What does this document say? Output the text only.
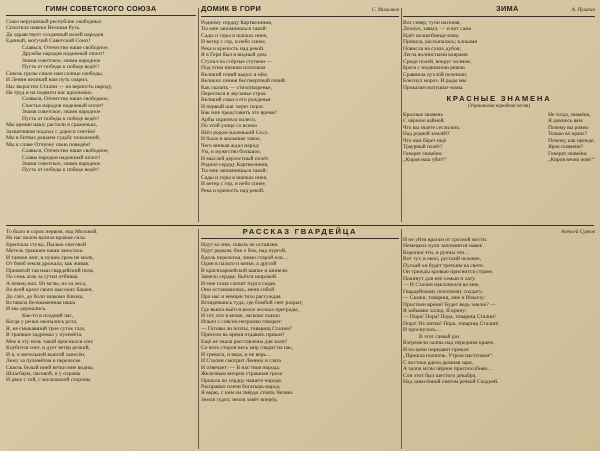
ГИМН СОВЕТСКОГО СОЮЗА
Союз нерушимый республик свободных
Сплотила навеки Великая Русь.
Да здравствует созданный волей народов
Единый, могучий Советский Союз!
Славься, Отечество наше свободное,
Дружбы народов надежный оплот!
Знамя советское, знамя народное
Пусть от победы к победе ведёт!
Сквозь грозы сияло нам солнце свободы,
И Ленин великий нам путь озарил.
Нас вырастил Сталин — на верность народу,
На труд и на подвиги нас вдохновил.
Славься, Отечество наше свободное,
Счастья народов надежный оплот!
Знамя советское, знамя народное
Пусть от победы к победе ведёт!
Мы армию нашу растили в сраженьях,
Захватчиков подлых с дороги сметём!
Мы в битвах решаем судьбу поколений,
Мы к славе Отчизну свою поведём!
Славься, Отечество наше свободное,
Славы народов надежный оплот!
Знамя советское, знамя народное
Пусть от победы к победе ведёт!
ДОМИК В ГОРИ	С. Михалков
Родному сердцу Картвелиния,
Ты мне запомнишься такой:
Сады и горы в шапках инея,
И ветер с гор, и небо синее,
Река и крепость над рекой.
Я в Гори был в видный дом.
Ступал на стёртые ступени —
Под этим низким потолком
Великий гений вырос в нём.
Великих помня бессмертный гений.
Как сказать — стихотворенье,
Пересекся в звучанье строк
Великий смысл его рожденья
И первый шаг через порог.
Как мне представить это время?
Арбы скрипело колесо,
По этой улице со всеми
Шёл родом маленький Сосо.
И было в мальчике такое,
Чего вникая ждал народ:
Ум, и мужество большое,
И мыслей дерзостный полёт.
Родное сердцу Картвелиния,
Ты мне запомнишься такой:
Сады и горы в шапках инея,
И ветер с гор, и небо синее,
Река и крепость над рекой.
ЗИМА	А. Пушкин
Вот север, тучи нагоняя,
Дохнул, завыл, — и вот сама
Идёт волшебница-зима.
Пришла, рассыпалась; клоками
Повисла на суках дубов;
Легла волнистыми коврами
Среди полей, вокруг холмов;
Брега с недвижною рекою
Сравняла пухлой пеленою;
Блеснул мороз. И рады мы
Проказам матушки-зимы.
КРАСНЫЕ ЗНАМЕНА
(Украинская народная песня)
Красные знамена
С чёрною каймой.
Что вы знаете сеслились
Над родной землёй?
Что нам бёрет ищё
Траурный полёт?
Говорят знамёна:
„Киров наш убит!“
Не тогда, знамёна,
Я давлюсь вам:
Почему вы ровно
Только во краях?
Почему, как прежде,
Ярок пламени?
Говорят знамёна:
„Киров вечно жив!“
То было в сорок первом, под Москвой.
На нас валом валила вражья сила.
Крепчала стужа, Пылью снеговой
Метель траншеи наши заносила.
И танков лязг, и пушек гром не молк,
От бомб земля дрожала, как живая.
Примятой тая наш гвардейский полк,
По семь атак за сутки отбивая.
А немец жал. Из мглы, из-за леса,
Во всей красе своих высоких башен,
До слёз, до боли знакомо близка,
Вставала белокаменная наша
И мы держались.
Как-то в поздний час,
Когда у речки окопались рота,
Я, не смыкавший трое суток глаз,
В траншее задремал у пулемёта.
Мне в эту ночь такой приснился сон:
Клубится снег, и дует ветер резкий,
И я, и метельной вьюгой занесён,
Лежу за пулемётом в перелеске.
Сквозь белый иней ветки мне видны,
Шлагбаум, часовой, и у охраны
И двое с той, с московской стороны
РАССКАЗ ГВАРДЕЙЦА
Идут ко мне, сквозь не оставляя.
Идут рядком, бок о бок, над пургой,
Вдоль перелеска, мимо старой ели…
Один в пальто и кепке, а другой
В красноармейской шапке и шинели.
Замело сердце. Бьётся широкой.
И мне глаза слепит пурга седая.
Они остановились, меня собой
Про нас и немцев тихо рассуждая.
Вглядевшись туда, где бомбой снег разрыт,
Где вьюга вьётся возле лесных преграды,
И тот, кто в кепке, ласково сказал
Ильич с совсем негромко говорит:
— Готовы ли поэты, товарищ Сталин?
Присело вь время отдавать приказ?
Ещё не знала расставлены для залп?
Со всех сторон весь мир глядит на нас,
И тревога, и вера, и не верь…
И Сталин смотрит Ленину в глаза
И отвечает: — В нас твоя порода.
Железным вихрем страшная гроза
Прошла по сердцу нашего народа.
Расправил плечи богатырь-народ.
Я верю, с ним он твёрдо стоять Чечню.
Земля гудит, земля зовёт вперёд.
Алексей Сурков
И не уйти врагам от грозной мести.
Немецких пули запомнятся навек
Воронки эти, и руины эти…
Вот тут, в окоп, русский человек,
Пускай он будет третьим на свете.
Он трижды кровью приснится стране,
Покинут для неё семью и хату.
— И Сталин наклонился ко мне,
Гвардейскому пехотному солдату:
— Скажи, товарищ, мне и Ильичу:
Пристоен время? Будет ведь землю? —
Я забываю холод. Я кричу:
— Пора! Пора! Пора, товарищ Сталин!
Пора! Их пятки! Пора, товарищ Сталин!
И проснулось…
В этот самый раз
Взгремели залпы над передним краем,
И по цепи передают приказ:
„Пришла полночь. Утром наступаем“.
С востока рдела дымная заря,
А залпа мглы чёрное приспособняя…
Сон этот был шестого декабря,
Над занесённой снегом речкой Сходней.
